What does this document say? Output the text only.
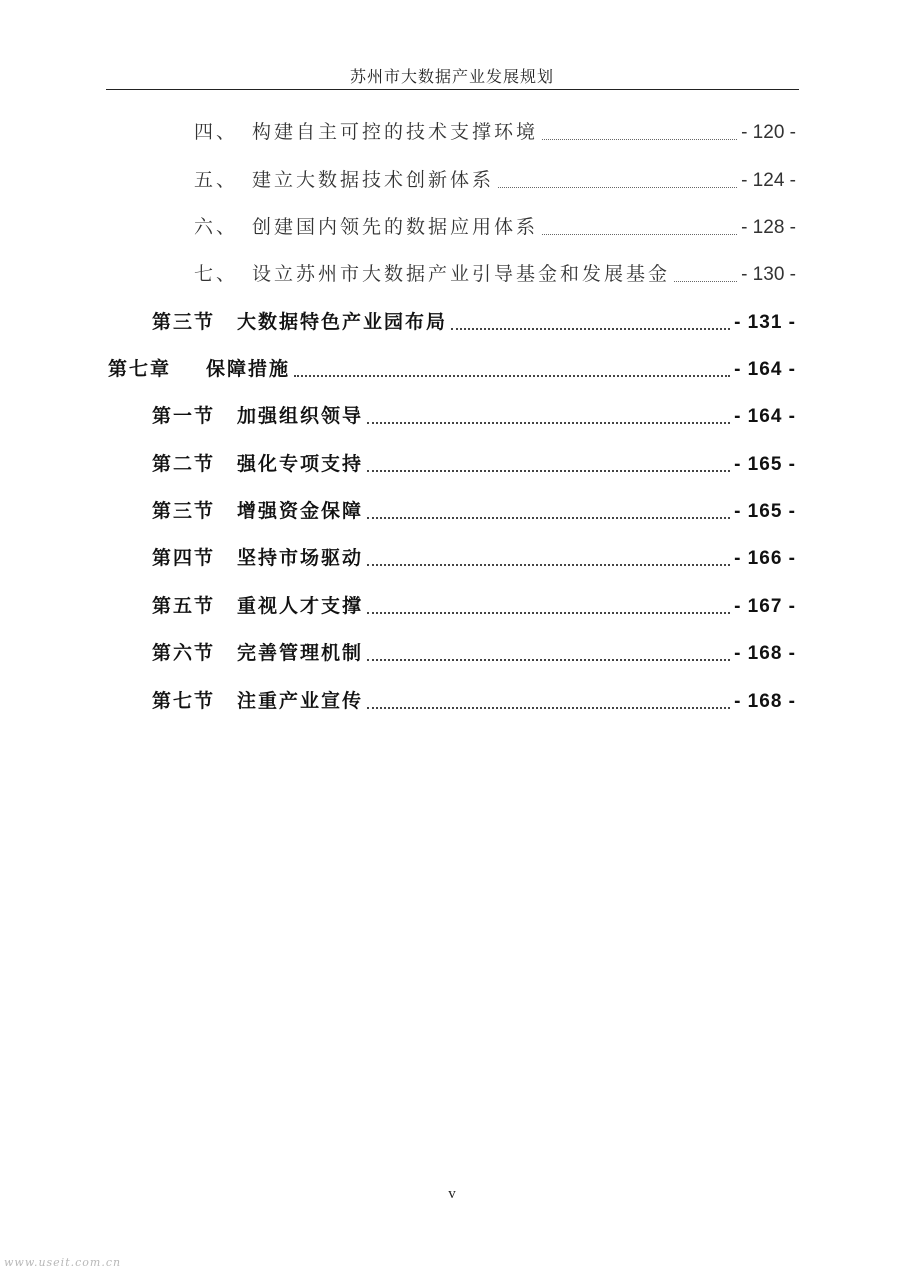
苏州市大数据产业发展规划
四、 构建自主可控的技术支撑环境	- 120 -
五、 建立大数据技术创新体系	- 124 -
六、 创建国内领先的数据应用体系	- 128 -
七、 设立苏州市大数据产业引导基金和发展基金	- 130 -
第三节	大数据特色产业园布局	- 131 -
第七章	保障措施	- 164 -
第一节	加强组织领导	- 164 -
第二节	强化专项支持	- 165 -
第三节	增强资金保障	- 165 -
第四节	坚持市场驱动	- 166 -
第五节	重视人才支撑	- 167 -
第六节	完善管理机制	- 168 -
第七节	注重产业宣传	- 168 -
v
www.useit.com.cn
